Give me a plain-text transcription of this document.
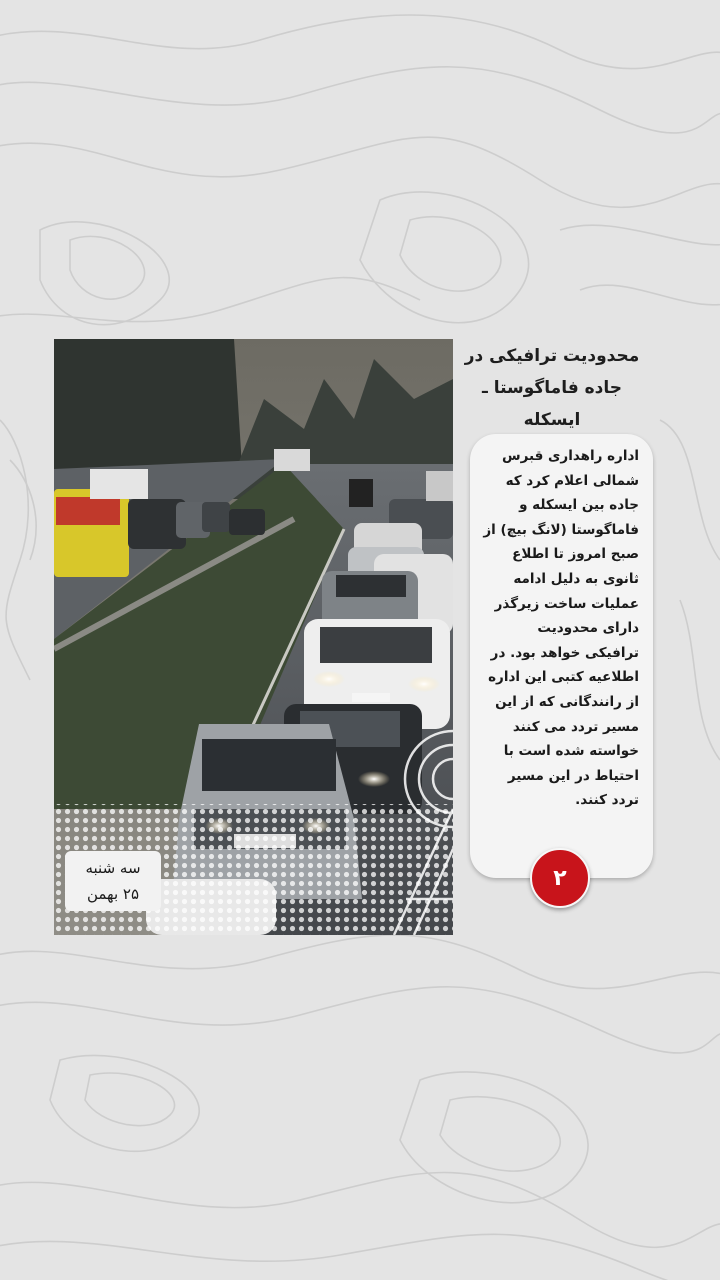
سه شنبه
۲۵ بهمن
محدودیت ترافیکی در جاده فاماگوستا ـ ایسکله

اداره راهداری قبرس شمالی اعلام کرد که جاده بین ایسکله و فاماگوستا (لانگ بیچ) از صبح امروز تا اطلاع ثانوی به دلیل ادامه عملیات ساخت زیرگذر دارای محدودیت ترافیکی خواهد بود. در اطلاعیه کتبی این اداره از رانندگانی که از این مسیر تردد می کنند خواسته شده است با احتیاط در این مسیر تردد کنند.

۲
